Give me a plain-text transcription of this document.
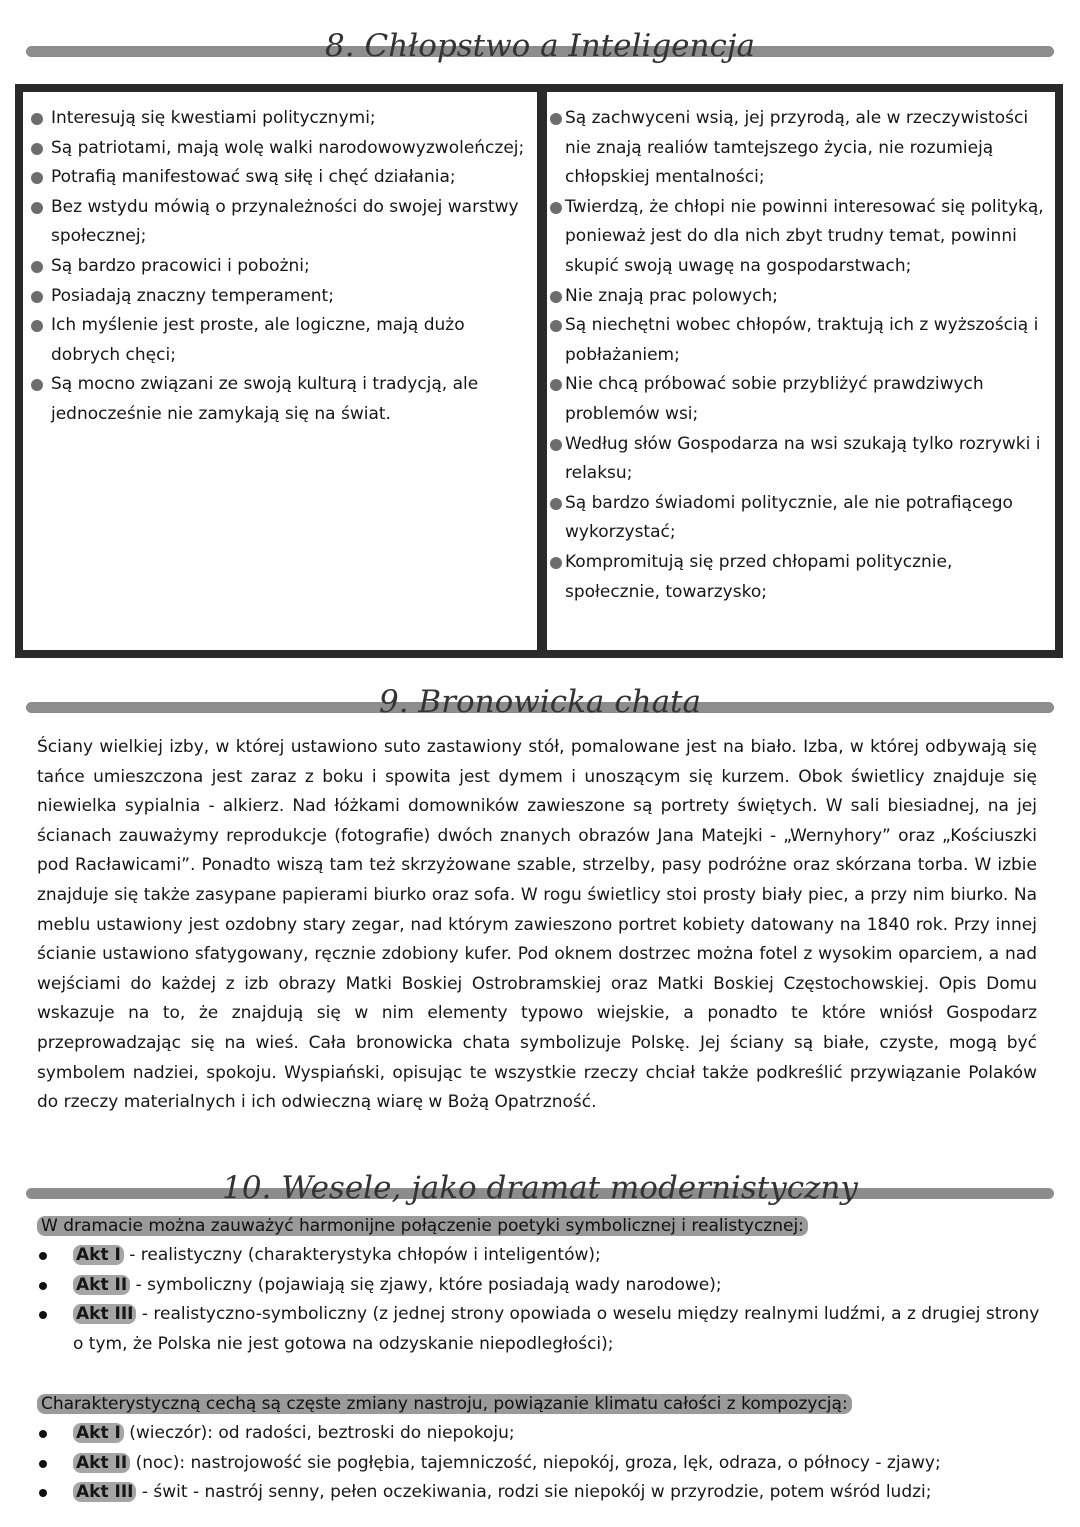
8. Chłopstwo a Inteligencja
Interesują się kwestiami politycznymi;
Są patriotami, mają wolę walki narodowowyzwoleńczej;
Potrafią manifestować swą siłę i chęć działania;
Bez wstydu mówią o przynależności do swojej warstwy społecznej;
Są bardzo pracowici i pobożni;
Posiadają znaczny temperament;
Ich myślenie jest proste, ale logiczne, mają dużo dobrych chęci;
Są mocno związani ze swoją kulturą i tradycją, ale jednocześnie nie zamykają się na świat.
Są zachwyceni wsią, jej przyrodą, ale w rzeczywistości nie znają realiów tamtejszego życia, nie rozumieją chłopskiej mentalności;
Twierdzą, że chłopi nie powinni interesować się polityką, ponieważ jest do dla nich zbyt trudny temat, powinni skupić swoją uwagę na gospodarstwach;
Nie znają prac polowych;
Są niechętni wobec chłopów, traktują ich z wyższością i pobłażaniem;
Nie chcą próbować sobie przybliżyć prawdziwych problemów wsi;
Według słów Gospodarza na wsi szukają tylko rozrywki i relaksu;
Są bardzo świadomi politycznie, ale nie potrafiącego wykorzystać;
Kompromitują się przed chłopami politycznie, społecznie, towarzysko;
9. Bronowicka chata
Ściany wielkiej izby, w której ustawiono suto zastawiony stół, pomalowane jest na biało. Izba, w której odbywają się tańce umieszczona jest zaraz z boku i spowita jest dymem i unoszącym się kurzem. Obok świetlicy znajduje się niewielka sypialnia - alkierz. Nad łóżkami domowników zawieszone są portrety świętych. W sali biesiadnej, na jej ścianach zauważymy reprodukcje (fotografie) dwóch znanych obrazów Jana Matejki - „Wernyhory” oraz „Kościuszki pod Racławicami”. Ponadto wiszą tam też skrzyżowane szable, strzelby, pasy podróżne oraz skórzana torba. W izbie znajduje się także zasypane papierami biurko oraz sofa. W rogu świetlicy stoi prosty biały piec, a przy nim biurko. Na meblu ustawiony jest ozdobny stary zegar, nad którym zawieszono portret kobiety datowany na 1840 rok. Przy innej ścianie ustawiono sfatygowany, ręcznie zdobiony kufer. Pod oknem dostrzec można fotel z wysokim oparciem, a nad wejściami do każdej z izb obrazy Matki Boskiej Ostrobramskiej oraz Matki Boskiej Częstochowskiej. Opis Domu wskazuje na to, że znajdują się w nim elementy typowo wiejskie, a ponadto te które wniósł Gospodarz przeprowadzając się na wieś. Cała bronowicka chata symbolizuje Polskę. Jej ściany są białe, czyste, mogą być symbolem nadziei, spokoju. Wyspiański, opisując te wszystkie rzeczy chciał także podkreślić przywiązanie Polaków do rzeczy materialnych i ich odwieczną wiarę w Bożą Opatrzność.
10. Wesele, jako dramat modernistyczny
W dramacie można zauważyć harmonijne połączenie poetyki symbolicznej i realistycznej:
Akt I - realistyczny (charakterystyka chłopów i inteligentów);
Akt II - symboliczny (pojawiają się zjawy, które posiadają wady narodowe);
Akt III - realistyczno-symboliczny (z jednej strony opowiada o weselu między realnymi ludźmi, a z drugiej strony o tym, że Polska nie jest gotowa na odzyskanie niepodległości);
Charakterystyczną cechą są częste zmiany nastroju, powiązanie klimatu całości z kompozycją:
Akt I (wieczór): od radości, beztroski do niepokoju;
Akt II (noc): nastrojowość sie pogłębia, tajemniczość, niepokój, groza, lęk, odraza, o północy - zjawy;
Akt III - świt - nastrój senny, pełen oczekiwania, rodzi sie niepokój w przyrodzie, potem wśród ludzi;
